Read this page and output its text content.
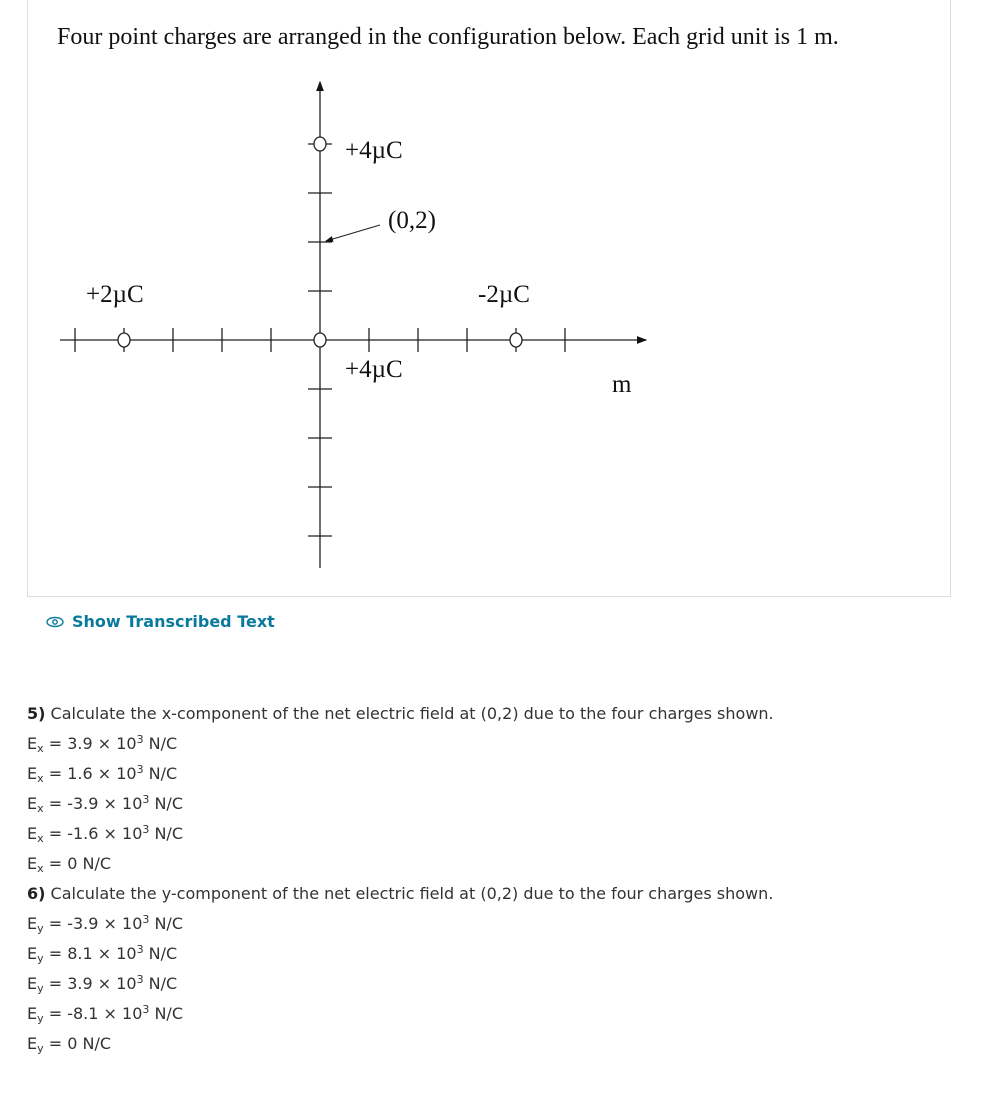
Four point charges are arranged in the configuration below. Each grid unit is 1 m.
(0,2)
m
+4µC
+2µC	-2µC
+4µC
Show Transcribed Text
5) Calculate the x-component of the net electric field at (0,2) due to the four charges shown.
$E_x = 3.9 \times 10^3$ N/C
$E_x = 1.6 \times 10^3$ N/C
$E_x = -3.9 \times 10^3$ N/C
$E_x = -1.6 \times 10^3$ N/C
$E_x = 0$ N/C
6) Calculate the y-component of the net electric field at (0,2) due to the four charges shown.
$E_y = -3.9 \times 10^3$ N/C
$E_y = 8.1 \times 10^3$ N/C
$E_y = 3.9 \times 10^3$ N/C
$E_y = -8.1 \times 10^3$ N/C
$E_y = 0$ N/C
